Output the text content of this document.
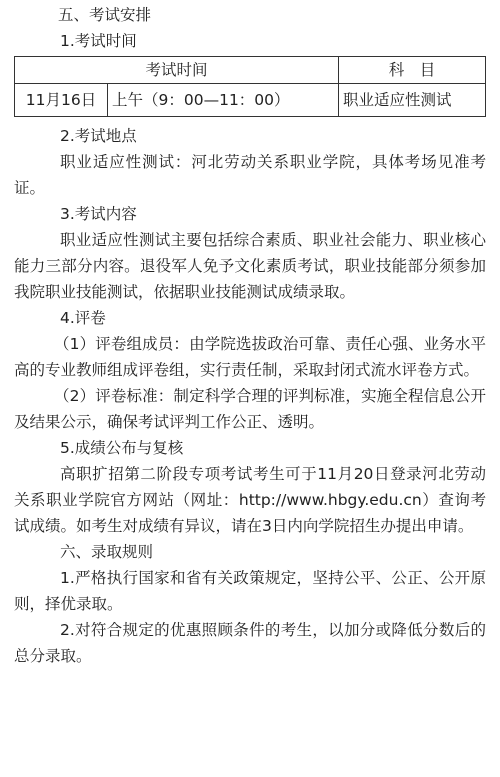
五、考试安排

1.考试时间

考试时间		科　目
11月16日	上午（9：00—11：00）	职业适应性测试

2.考试地点

职业适应性测试：河北劳动关系职业学院，具体考场见准考证。

3.考试内容

职业适应性测试主要包括综合素质、职业社会能力、职业核心能力三部分内容。退役军人免予文化素质考试，职业技能部分须参加我院职业技能测试，依据职业技能测试成绩录取。

4.评卷

（1）评卷组成员：由学院选拔政治可靠、责任心强、业务水平高的专业教师组成评卷组，实行责任制，采取封闭式流水评卷方式。

（2）评卷标准：制定科学合理的评判标准，实施全程信息公开及结果公示，确保考试评判工作公正、透明。

5.成绩公布与复核

高职扩招第二阶段专项考试考生可于11月20日登录河北劳动关系职业学院官方网站（网址：http://www.hbgy.edu.cn）查询考试成绩。如考生对成绩有异议，请在3日内向学院招生办提出申请。

六、录取规则

1.严格执行国家和省有关政策规定，坚持公平、公正、公开原则，择优录取。

2.对符合规定的优惠照顾条件的考生，以加分或降低分数后的总分录取。
